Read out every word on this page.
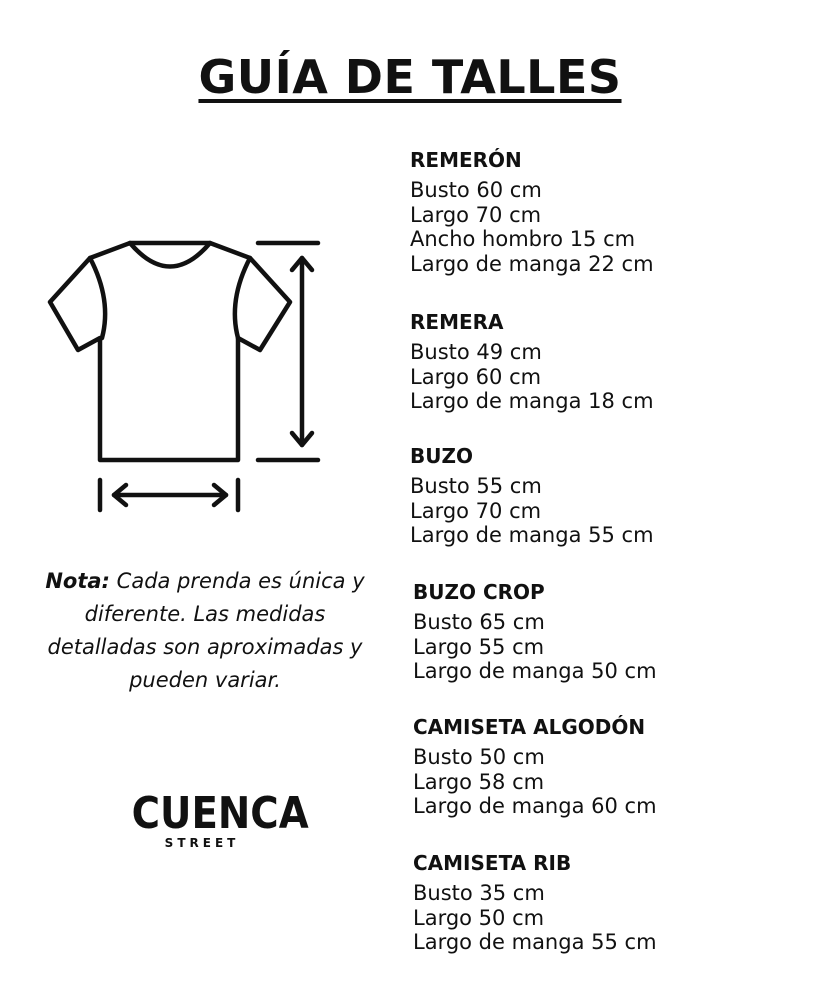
GUÍA DE TALLES
Nota: Cada prenda es única y diferente. Las medidas detalladas son aproximadas y pueden variar.
CUENCA
STREET
REMERÓN
Busto 60 cm
Largo 70 cm
Ancho hombro 15 cm
Largo de manga 22 cm
REMERA
Busto 49 cm
Largo 60 cm
Largo de manga 18 cm
BUZO
Busto 55 cm
Largo 70 cm
Largo de manga 55 cm
BUZO CROP
Busto 65 cm
Largo 55 cm
Largo de manga 50 cm
CAMISETA ALGODÓN
Busto 50 cm
Largo 58 cm
Largo de manga 60 cm
CAMISETA RIB
Busto 35 cm
Largo 50 cm
Largo de manga 55 cm
